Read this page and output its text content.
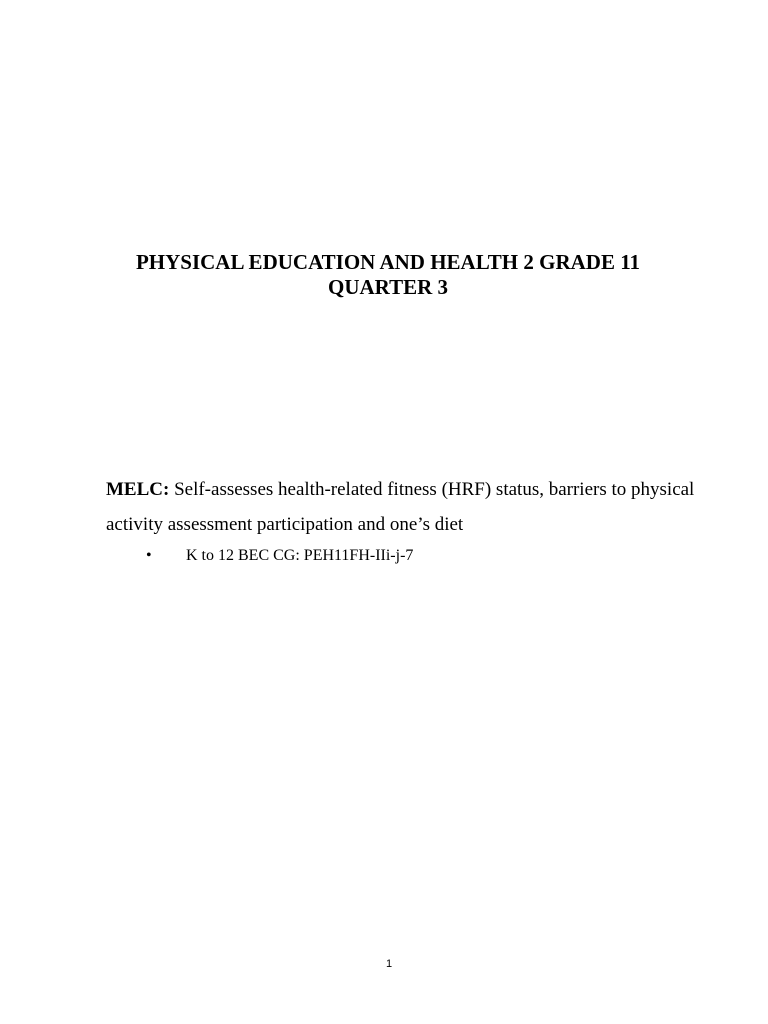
PHYSICAL EDUCATION AND HEALTH 2 GRADE 11
QUARTER 3

MELC: Self-assesses health-related fitness (HRF) status, barriers to physical activity assessment participation and one’s diet

• K to 12 BEC CG: PEH11FH-IIi-j-7
1
